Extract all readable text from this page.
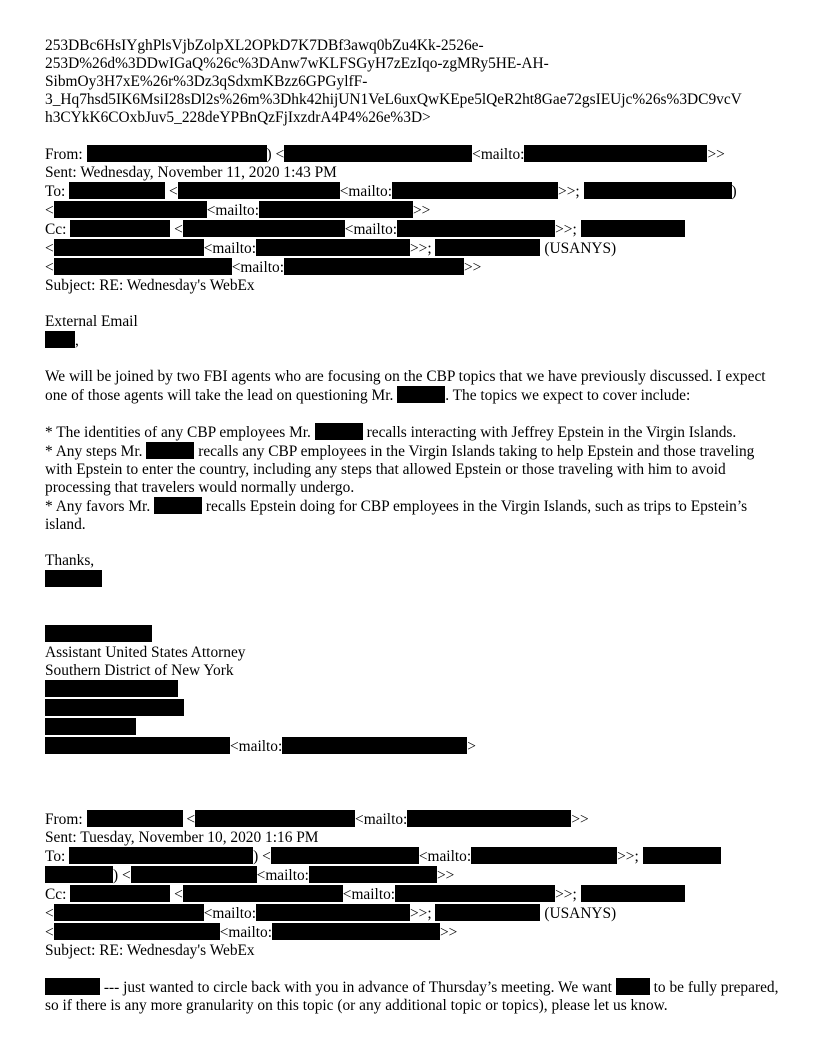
253DBc6HsIYghPlsVjbZolpXL2OPkD7K7DBf3awq0bZu4Kk-2526e-
253D%26d%3DDwIGaQ%26c%3DAnw7wKLFSGyH7zEzIqo-zgMRy5HE-AH-
SibmOy3H7xE%26r%3Dz3qSdxmKBzz6GPGylfF-
3_Hq7hsd5IK6MsiI28sDl2s%26m%3Dhk42hijUN1VeL6uxQwKEpe5lQeR2ht8Gae72gsIEUjc%26s%3DC9vcV
h3CYkK6COxbJuv5_228deYPBnQzFjIxzdrA4P4%26e%3D>
From:	) <	<mailto:	>>
Sent: Wednesday, November 11, 2020 1:43 PM
To:	<	<mailto:	>>;	)
<	<mailto:	>>
Cc:	<	<mailto:	>>;
<	<mailto:	>>;	(USANYS)
<	<mailto:	>>
Subject: RE: Wednesday's WebEx
External Email
,
We will be joined by two FBI agents who are focusing on the CBP topics that we have previously discussed. I expect one of those agents will take the lead on questioning Mr.	. The topics we expect to cover include:
* The identities of any CBP employees Mr.	recalls interacting with Jeffrey Epstein in the Virgin Islands.
* Any steps Mr.	recalls any CBP employees in the Virgin Islands taking to help Epstein and those traveling with Epstein to enter the country, including any steps that allowed Epstein or those traveling with him to avoid processing that travelers would normally undergo.
* Any favors Mr.	recalls Epstein doing for CBP employees in the Virgin Islands, such as trips to Epstein’s island.
Thanks,
Assistant United States Attorney
Southern District of New York
<mailto:	>
From:	<	<mailto:	>>
Sent: Tuesday, November 10, 2020 1:16 PM
To:	) <	<mailto:	>>;
) <	<mailto:	>>
Cc:	<	<mailto:	>>;
<	<mailto:	>>;	(USANYS)
<	<mailto:	>>
Subject: RE: Wednesday's WebEx
--- just wanted to circle back with you in advance of Thursday’s meeting. We want	to be fully prepared, so if there is any more granularity on this topic (or any additional topic or topics), please let us know.
